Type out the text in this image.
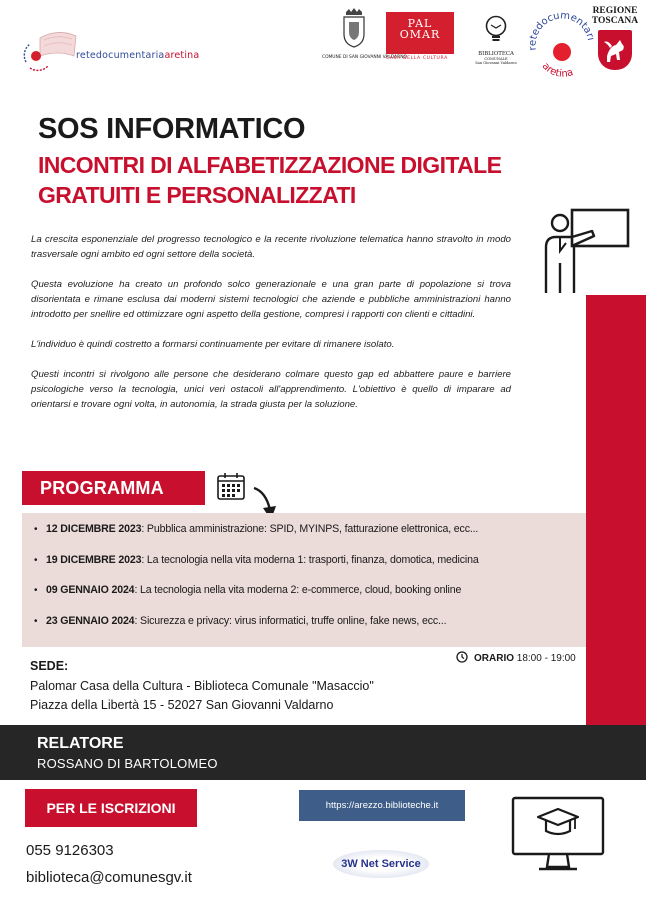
retedocumentariaaretina	COMUNE DI SAN GIOVANNI VALDARNO
PAL
OMAR
CASA DELLA CULTURA
BIBLIOTECA
COMUNALE
San Giovanni Valdarno
retedocumenta
aretina
REGIONE
TOSCANA
SOS INFORMATICO
INCONTRI DI ALFABETIZZAZIONE DIGITALE
GRATUITI E PERSONALIZZATI

La crescita esponenziale del progresso tecnologico e la recente rivoluzione telematica hanno stravolto in modo trasversale ogni ambito ed ogni settore della società.

Questa evoluzione ha creato un profondo solco generazionale e una gran parte di popolazione si trova disorientata e rimane esclusa dai moderni sistemi tecnologici che aziende e pubbliche amministrazioni hanno introdotto per snellire ed ottimizzare ogni aspetto della gestione, compresi i rapporti con clienti e cittadini.

L'individuo è quindi costretto a formarsi continuamente per evitare di rimanere isolato.

Questi incontri si rivolgono alle persone che desiderano colmare questo gap ed abbattere paure e barriere psicologiche verso la tecnologia, unici veri ostacoli all'apprendimento. L'obiettivo è quello di imparare ad orientarsi e trovare ogni volta, in autonomia, la strada giusta per la soluzione.

PROGRAMMA
• 12 DICEMBRE 2023: Pubblica amministrazione: SPID, MYINPS, fatturazione elettronica, ecc...
• 19 DICEMBRE 2023: La tecnologia nella vita moderna 1: trasporti, finanza, domotica, medicina
• 09 GENNAIO 2024: La tecnologia nella vita moderna 2: e-commerce, cloud, booking online
• 23 GENNAIO 2024: Sicurezza e privacy: virus informatici, truffe online, fake news, ecc...
ORARIO 18:00 - 19:00
SEDE:
Palomar Casa della Cultura - Biblioteca Comunale "Masaccio"
Piazza della Libertà 15 - 52027 San Giovanni Valdarno
RELATORE
ROSSANO DI BARTOLOMEO
PER LE ISCRIZIONI	https://arezzo.biblioteche.it
055 9126303
biblioteca@comunesgv.it
3W Net Service
